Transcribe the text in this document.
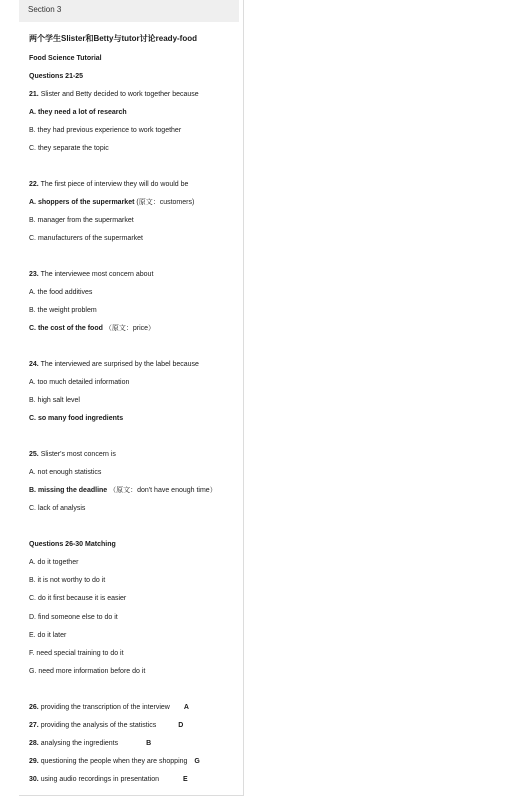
Section 3
两个学生Slister和Betty与tutor讨论ready-food
Food Science Tutorial
Questions 21-25
21. Slister and Betty decided to work together because
A. they need a lot of research
B. they had previous experience to work together
C. they separate the topic
22. The first piece of interview they will do would be
A. shoppers of the supermarket (原文：customers)
B. manager from the supermarket
C. manufacturers of the supermarket
23. The interviewee most concern about
A. the food additives
B. the weight problem
C. the cost of the food （原文：price）
24. The interviewed are surprised by the label because
A. too much detailed information
B. high salt level
C. so many food ingredients
25. Slister's most concern is
A. not enough statistics
B. missing the deadline （原文：don't have enough time）
C. lack of analysis
Questions 26-30 Matching
A. do it together
B. it is not worthy to do it
C. do it first because it is easier
D. find someone else to do it
E. do it later
F. need special training to do it
G. need more information before do it
26. providing the transcription of the interview A
27. providing the analysis of the statistics	D
28. analysing the ingredients	B
29. questioning the people when they are shopping G
30. using audio recordings in presentation	E
